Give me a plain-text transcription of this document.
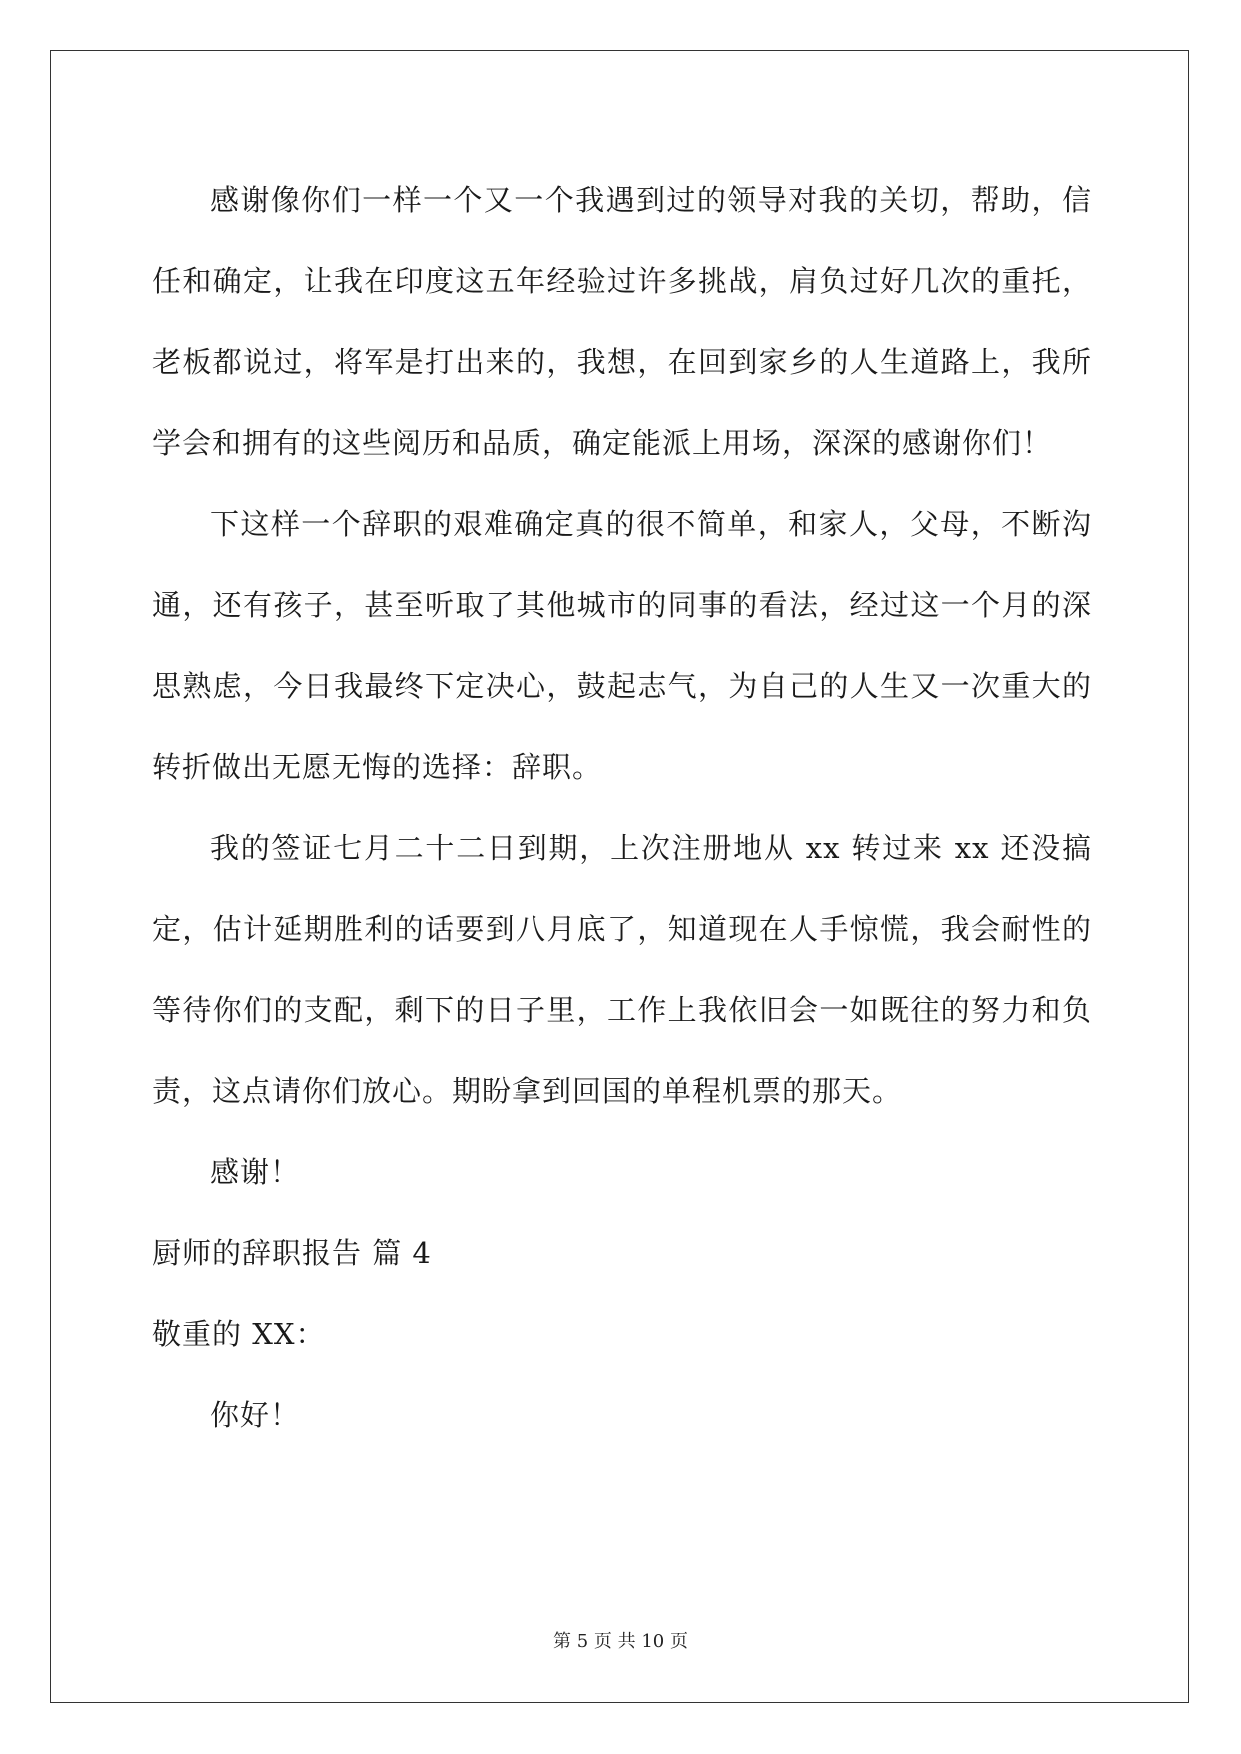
感谢像你们一样一个又一个我遇到过的领导对我的关切，帮助，信任和确定，让我在印度这五年经验过许多挑战，肩负过好几次的重托，老板都说过，将军是打出来的，我想，在回到家乡的人生道路上，我所学会和拥有的这些阅历和品质，确定能派上用场，深深的感谢你们！

下这样一个辞职的艰难确定真的很不简单，和家人，父母，不断沟通，还有孩子，甚至听取了其他城市的同事的看法，经过这一个月的深思熟虑，今日我最终下定决心，鼓起志气，为自己的人生又一次重大的转折做出无愿无悔的选择：辞职。

我的签证七月二十二日到期，上次注册地从 xx 转过来 xx 还没搞定，估计延期胜利的话要到八月底了，知道现在人手惊慌，我会耐性的等待你们的支配，剩下的日子里，工作上我依旧会一如既往的努力和负责，这点请你们放心。期盼拿到回国的单程机票的那天。

感谢！

厨师的辞职报告 篇 4

敬重的 XX：

你好！

第 5 页 共 10 页
